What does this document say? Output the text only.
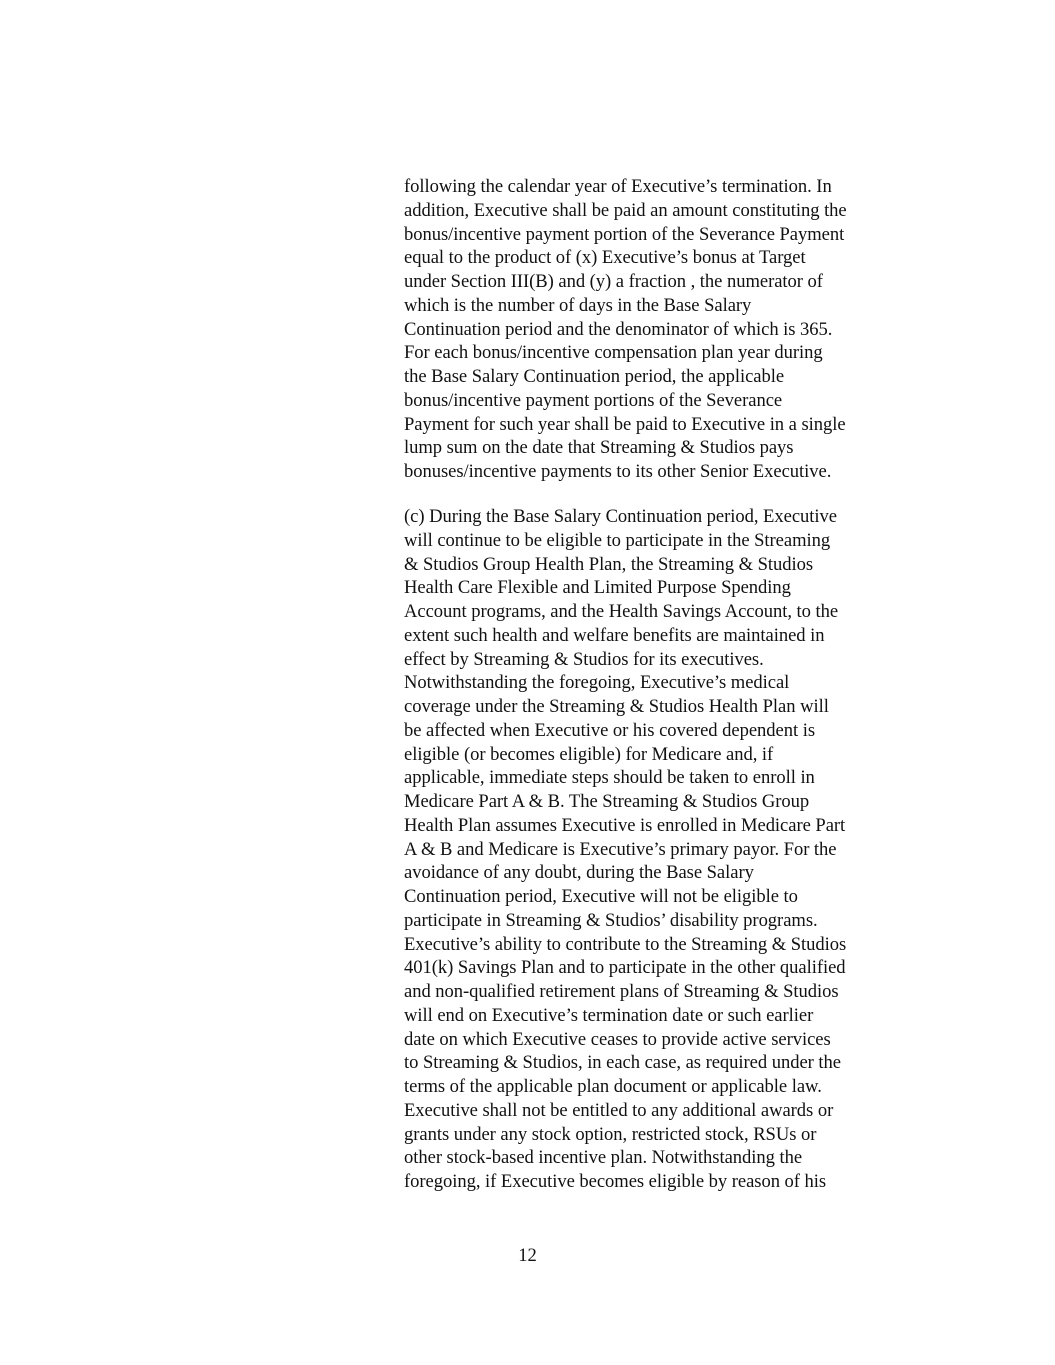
following the calendar year of Executive’s termination. In
addition, Executive shall be paid an amount constituting the
bonus/incentive payment portion of the Severance Payment
equal to the product of (x) Executive’s bonus at Target
under Section III(B) and (y) a fraction , the numerator of
which is the number of days in the Base Salary
Continuation period and the denominator of which is 365.
For each bonus/incentive compensation plan year during
the Base Salary Continuation period, the applicable
bonus/incentive payment portions of the Severance
Payment for such year shall be paid to Executive in a single
lump sum on the date that Streaming & Studios pays
bonuses/incentive payments to its other Senior Executive.

(c) During the Base Salary Continuation period, Executive
will continue to be eligible to participate in the Streaming
& Studios Group Health Plan, the Streaming & Studios
Health Care Flexible and Limited Purpose Spending
Account programs, and the Health Savings Account, to the
extent such health and welfare benefits are maintained in
effect by Streaming & Studios for its executives.
Notwithstanding the foregoing, Executive’s medical
coverage under the Streaming & Studios Health Plan will
be affected when Executive or his covered dependent is
eligible (or becomes eligible) for Medicare and, if
applicable, immediate steps should be taken to enroll in
Medicare Part A & B. The Streaming & Studios Group
Health Plan assumes Executive is enrolled in Medicare Part
A & B and Medicare is Executive’s primary payor. For the
avoidance of any doubt, during the Base Salary
Continuation period, Executive will not be eligible to
participate in Streaming & Studios’ disability programs.
Executive’s ability to contribute to the Streaming & Studios
401(k) Savings Plan and to participate in the other qualified
and non-qualified retirement plans of Streaming & Studios
will end on Executive’s termination date or such earlier
date on which Executive ceases to provide active services
to Streaming & Studios, in each case, as required under the
terms of the applicable plan document or applicable law.
Executive shall not be entitled to any additional awards or
grants under any stock option, restricted stock, RSUs or
other stock-based incentive plan. Notwithstanding the
foregoing, if Executive becomes eligible by reason of his

12
